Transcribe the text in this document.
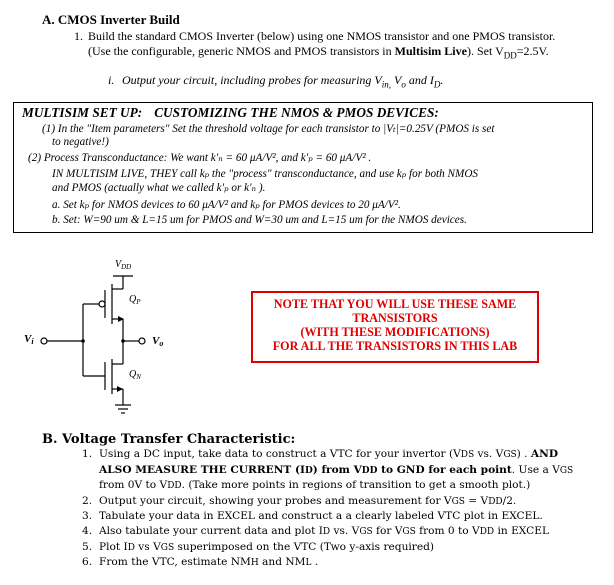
A. CMOS Inverter Build
1. Build the standard CMOS Inverter (below) using one NMOS transistor and one PMOS transistor. (Use the configurable, generic NMOS and PMOS transistors in Multisim Live). Set $V_{DD}=2.5V$.
i. Output your circuit, including probes for measuring $V_{in,}$ $V_o$ and $I_D$.
MULTISIM SET UP: CUSTOMIZING THE NMOS & PMOS DEVICES:
(1) In the "Item parameters" Set the threshold voltage for each transistor to |Vₜ|=0.25V (PMOS is set
to negative!)
(2) Process Transconductance: We want k′ₙ = 60 μA/V², and k′ₚ = 60 μA/V² .
IN MULTISIM LIVE, THEY call kₚ the "process" transconductance, and use kₚ for both NMOS
and PMOS (actually what we called k′ₚ or k′ₙ ).
a. Set kₚ for NMOS devices to 60 μA/V² and kₚ for PMOS devices to 20 μA/V².
b. Set: W=90 um & L=15 um for PMOS and W=30 um and L=15 um for the NMOS devices.
$V_{DD}$
$Q_P$
$Q_N$
Vi	Vo
NOTE THAT YOU WILL USE THESE SAME
TRANSISTORS
(WITH THESE MODIFICATIONS)
FOR ALL THE TRANSISTORS IN THIS LAB
B. Voltage Transfer Characteristic:
1. Using a DC input, take data to construct a VTC for your invertor (VDS vs. VGS) . AND ALSO MEASURE THE CURRENT (ID) from VDD to GND for each point. Use a VGS from 0V to VDD. (Take more points in regions of transition to get a smooth plot.)
2. Output your circuit, showing your probes and measurement for VGS = VDD/2.
3. Tabulate your data in EXCEL and construct a a clearly labeled VTC plot in EXCEL.
4. Also tabulate your current data and plot ID vs. VGS for VGS from 0 to VDD in EXCEL
5. Plot ID vs VGS superimposed on the VTC (Two y-axis required)
6. From the VTC, estimate NMH and NML .
